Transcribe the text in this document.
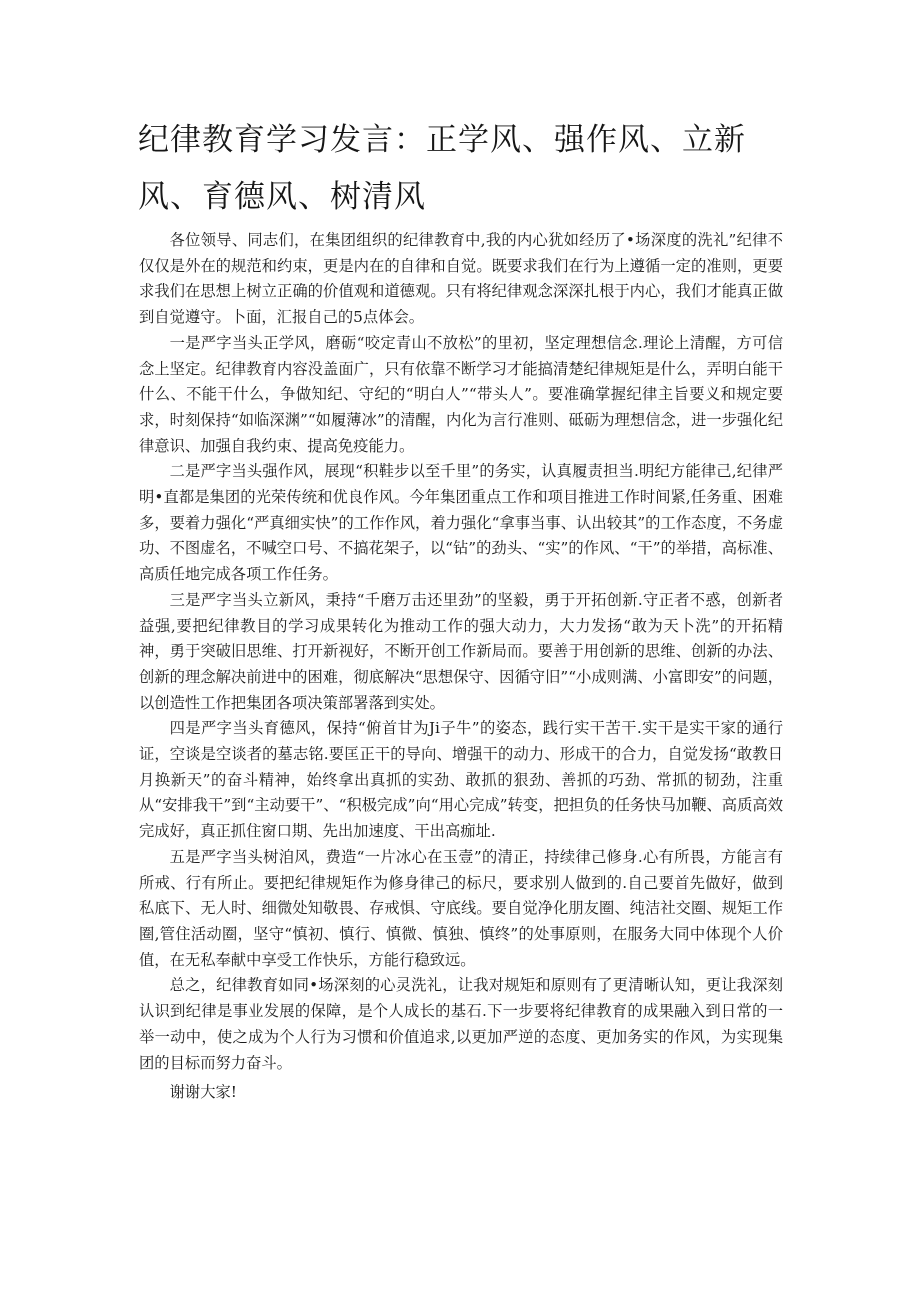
纪律教育学习发言：正学风、强作风、立新风、育德风、树清风

各位领导、同志们，在集团组织的纪律教育中,我的内心犹如经历了•场深度的洗礼”纪律不仅仅是外在的规范和约束，更是内在的自律和自觉。既要求我们在行为上遵循一定的准则，更要求我们在思想上树立正确的价值观和道德观。只有将纪律观念深深扎根于内心，我们才能真正做到自觉遵守。卜面，汇报自己的5点体会。

一是严字当头正学风，磨砺“咬定青山不放松”的里初，坚定理想信念.理论上清醒，方可信念上坚定。纪律教育内容没盖面广，只有依靠不断学习才能搞清楚纪律规矩是什么，弄明白能干什么、不能干什么，争做知纪、守纪的“明白人”“带头人”。要准确掌握纪律主旨要义和规定要求，时刻保持“如临深渊”“如履薄冰”的清醒，内化为言行准则、砥砺为理想信念，进一步强化纪律意识、加强自我约束、提高免疫能力。

二是严字当头强作风，展现“积鞋步以至千里”的务实，认真履责担当.明纪方能律己,纪律严明•直都是集团的光荣传统和优良作风。今年集团重点工作和项目推进工作时间紧,任务重、困难多，要着力强化“严真细实快”的工作作风，着力强化“拿事当事、认出较其”的工作态度，不务虚功、不图虚名，不喊空口号、不搞花架子，以“钻”的劲头、“实”的作风、“干”的举措，高标准、高质任地完成各项工作任务。

三是严字当头立新风，秉持“千磨万击还里劲”的坚毅，勇于开拓创新.守正者不惑，创新者益强,要把纪律教目的学习成果转化为推动工作的强大动力，大力发扬“敢为天卜洗”的开拓精神，勇于突破旧思维、打开新视好，不断开创工作新局而。要善于用创新的思维、创新的办法、创新的理念解决前进中的困难，彻底解决“思想保守、因循守旧”“小成则满、小富即安”的问题，以创造性工作把集团各项决策部署落到实处。

四是严字当头育德风，保持“俯首甘为Ji子牛”的姿态，践行实干苦干.实干是实干家的通行证，空谈是空谈者的墓志铭.要匡正干的导向、增强干的动力、形成干的合力，自觉发扬“敢教日月换新天”的奋斗精神，始终拿出真抓的实劲、敢抓的狠劲、善抓的巧劲、常抓的韧劲，注重从“安排我干”到“主动要干”、“积极完成”向“用心完成”转变，把担负的任务快马加鞭、高质高效完成好，真正抓住窗口期、先出加速度、干出高痂址.

五是严字当头树洎风，费造“一片冰心在玉壹”的清正，持续律己修身.心有所畏，方能言有所戒、行有所止。要把纪律规矩作为修身律己的标尺，要求别人做到的.自己要首先做好，做到私底下、无人时、细微处知敬畏、存戒惧、守底线。要自觉净化朋友圈、纯洁社交圈、规矩工作圈,管住活动圈，坚守“慎初、慎行、慎微、慎独、慎终”的处事原则，在服务大同中体现个人价值，在无私奉献中享受工作快乐，方能行稳致远。

总之，纪律教育如同•场深刻的心灵洗礼，让我对规矩和原则有了更清晰认知，更让我深刻认识到纪律是事业发展的保障，是个人成长的基石.下一步要将纪律教育的成果融入到日常的一举一动中，使之成为个人行为习惯和价值追求,以更加严逆的态度、更加务实的作风，为实现集团的目标而努力奋斗。

谢谢大家!
